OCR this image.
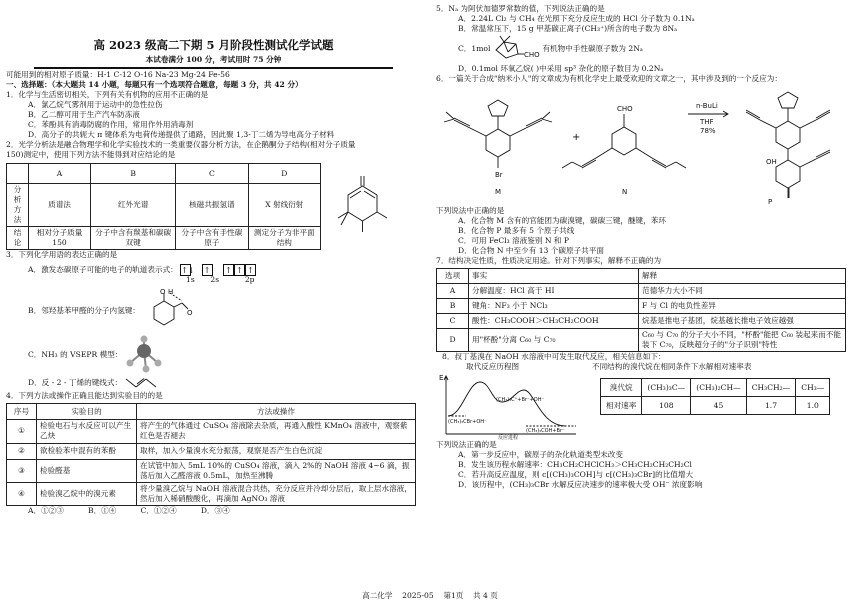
高 2023 级高二下期 5 月阶段性测试化学试题
本试卷满分 100 分，考试用时 75 分钟
可能用到的相对原子质量：H-1 C-12 O-16 Na-23 Mg-24 Fe-56
一、选择题：（本大题共 14 小题，每题只有一个选项符合题意，每题 3 分，共 42 分）
1．化学与生活密切相关，下列有关有机物的应用不正确的是
A．氯乙烷气雾剂用于运动中的急性拉伤
B．乙二醇可用于生产汽车防冻液
C．苯酚具有消毒防腐的作用，常用作外用消毒剂
D．高分子的共轭大 π 键体系为电荷传递提供了通路，因此聚 1,3-丁二烯为导电高分子材料
2．光学分析法是融合物理学和化学实验技术的一类重要仪器分析方法，在企鹅酮分子结构(相对分子质量
150)测定中，使用下列方法不能得到对应结论的是
	A	B	C	D
分析方法	质谱法	红外光谱	核磁共振氢谱	X 射线衍射
结论	相对分子质量 150	分子中含有羰基和碳碳双键	分子中含有手性碳原子	测定分子为非平面结构
3．下列化学用语的表达正确的是
A．激发态碳原子可能的电子的轨道表示式： ↑↓ ↑ ↑ ↑ ↑
1s 2s	2p
B．邻羟基苯甲醛的分子内氢键：
O H
O
C．NH₃ 的 VSEPR 模型：
D．反 - 2 - 丁烯的键线式：
4．下列方法或操作正确且能达到实验目的的是
序号	实验目的	方法或操作
①	检验电石与水反应可以产生乙炔	将产生的气体通过 CuSO₄ 溶液除去杂质，再通入酸性 KMnO₄ 溶液中，观察紫红色是否褪去
②	欲检验苯中混有的苯酚	取样，加入少量溴水充分振荡，观察是否产生白色沉淀
③	检验醛基	在试管中加入 5mL 10%的 CuSO₄ 溶液，滴入 2%的 NaOH 溶液 4~6 滴，振荡后加入乙醛溶液 0.5mL，加热至沸腾
④	检验溴乙烷中的溴元素	将少量溴乙烷与 NaOH 溶液混合共热，充分反应并冷却分层后，取上层水溶液，然后加入稀硝酸酸化，再滴加 AgNO₃ 溶液
A．①②③          B．①④          C．①②④          D．③④
5．Nₐ 为阿伏加德罗常数的值，下列说法正确的是
A．2.24L Cl₂ 与 CH₄ 在光照下充分反应生成的 HCl 分子数为 0.1Nₐ
B．常温常压下，15 g 甲基碳正离子(CH₃⁺)所含的电子数为 8Nₐ
C．1mol
CHO
有机物中手性碳原子数为 2Nₐ
D．0.1mol 环氧乙烷( )中采用 sp³ 杂化的原子数目为 0.2Nₐ
6．一篇关于合成"纳米小人"的文章成为有机化学史上最受欢迎的文章之一，其中涉及到的一个反应为：
Br
M
+
CHO
N
n-BuLi
THF
78%
OH
P
下列说法中正确的是
A．化合物 M 含有的官能团为碳溴键，碳碳三键，醚键，苯环
B．化合物 P 最多有 5 个原子共线
C．可用 FeCl₃ 溶液鉴别 N 和 P
D．化合物 N 中至少有 13 个碳原子共平面
7．结构决定性质，性质决定用途。针对下列事实，解释不正确的为
选项	事实	解释
A	分解温度：HCl 高于 HI	范德华力大小不同
B	键角：NF₃ 小于 NCl₃	F 与 Cl 的电负性差异
C	酸性：CH₃COOH＞CH₃CH₂COOH	烷基是推电子基团，烷基越长推电子效应越强
D	用"杯酚"分离 C₆₀ 与 C₇₀	C₆₀ 与 C₇₀ 的分子大小不同，"杯酚"能把 C₆₀ 装起来而不能装下 C₇₀，反映超分子的"分子识别"特性
8．叔丁基溴在 NaOH 水溶液中可发生取代反应，相关信息如下：
取代反应历程图
E
(CH₃)₃C⁺+Br⁻+OH⁻
(CH₃)₃CBr+OH⁻
(CH₃)₃COH+Br⁻
反应进程
不同结构的溴代烷在相同条件下水解相对速率表
溴代烷	(CH₃)₃C—	(CH₃)₂CH—	CH₃CH₂—	CH₃—
相对速率	108	45	1.7	1.0
下列说法正确的是
A．第一步反应中，碳原子的杂化轨道类型未改变
B．发生该历程水解速率：CH₃CH₂CHClCH₃＞CH₃CH₂CH₂CH₂Cl
C．若升高反应温度，则 c[(CH₃)₃COH]与 c[(CH₃)₃CBr]的比值增大
D．该历程中，(CH₃)₃CBr 水解反应决速步的速率极大受 OH⁻ 浓度影响
高二化学    2025-05    第1页    共 4 页
